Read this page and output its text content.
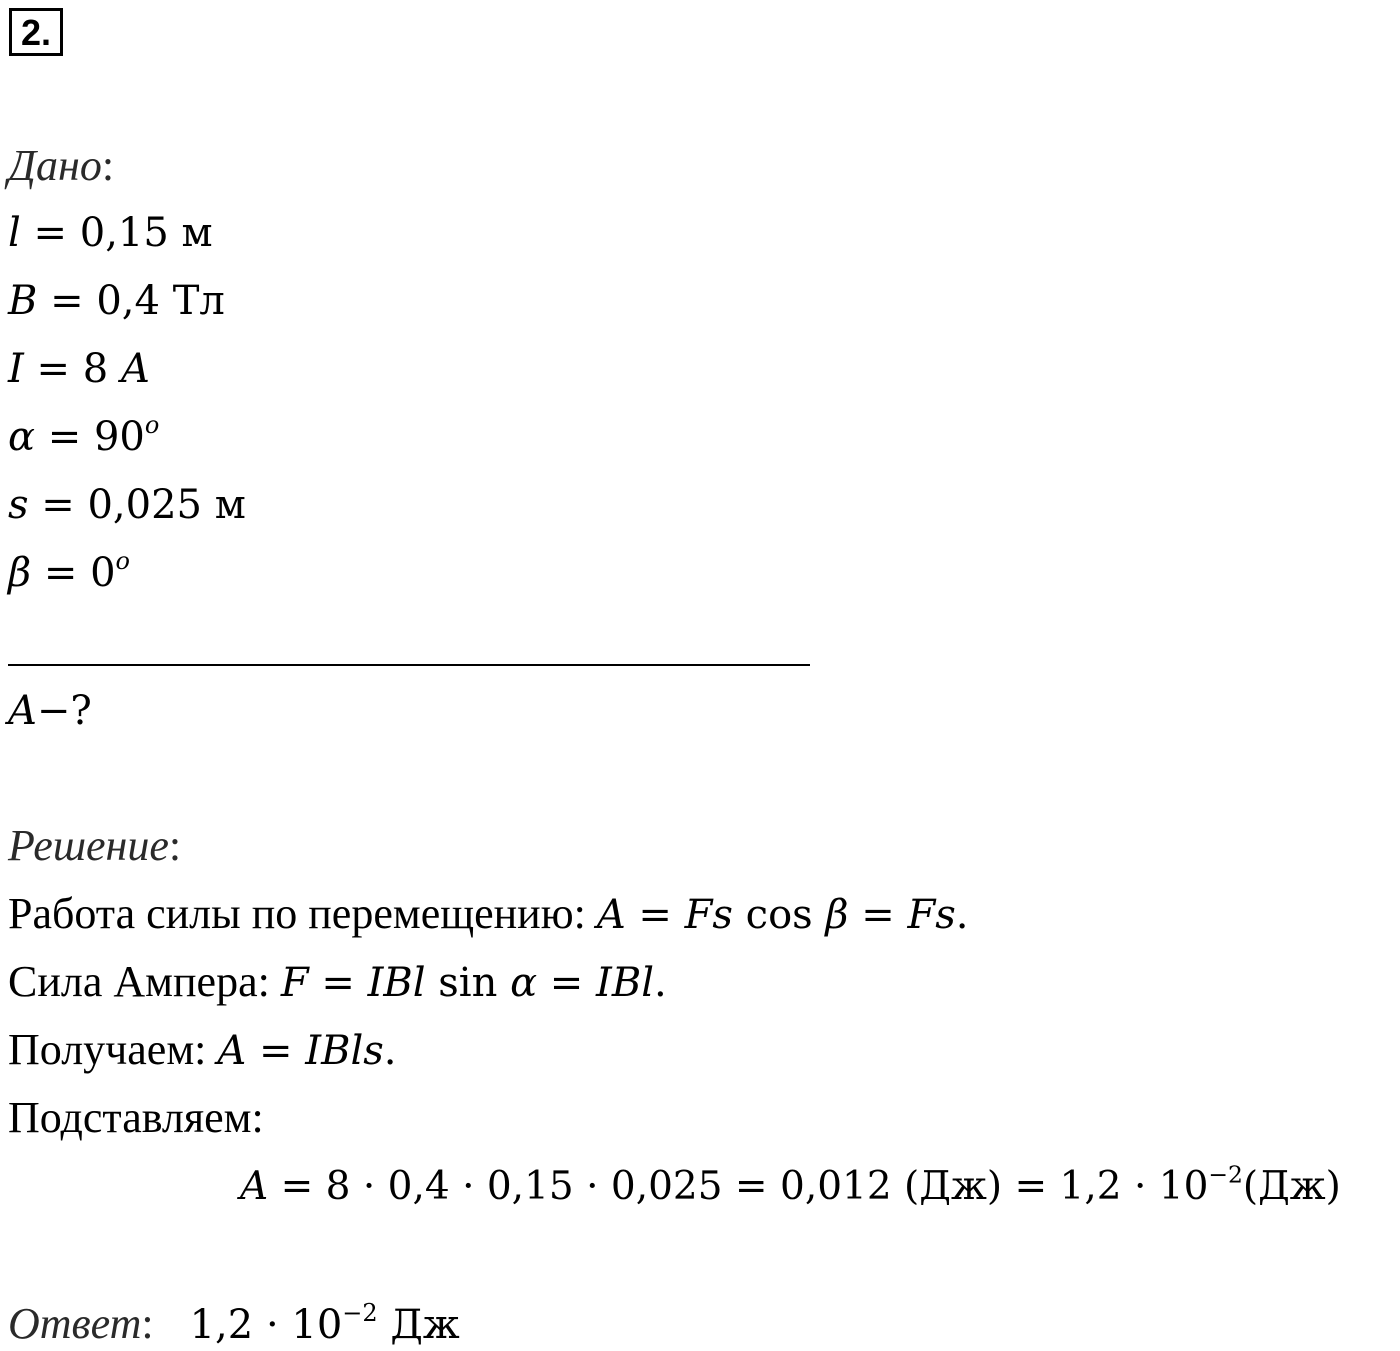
2.
Дано:
l = 0,15 м
B = 0,4 Тл
I = 8 A
$\alpha = 90^o$
s = 0,025 м
$\beta = 0^o$
A−?
Решение:
Работа силы по перемещению: A = Fs cos β = Fs.
Сила Ампера: F = IBl sin α = IBl.
Получаем: A = IBls.
Подставляем:
A = 8 · 0,4 · 0,15 · 0,025 = 0,012 $(Дж) = 1,2 \cdot 10^{-2}(Дж)$
Ответ: $1,2 \cdot 10^{-2}$ Дж
